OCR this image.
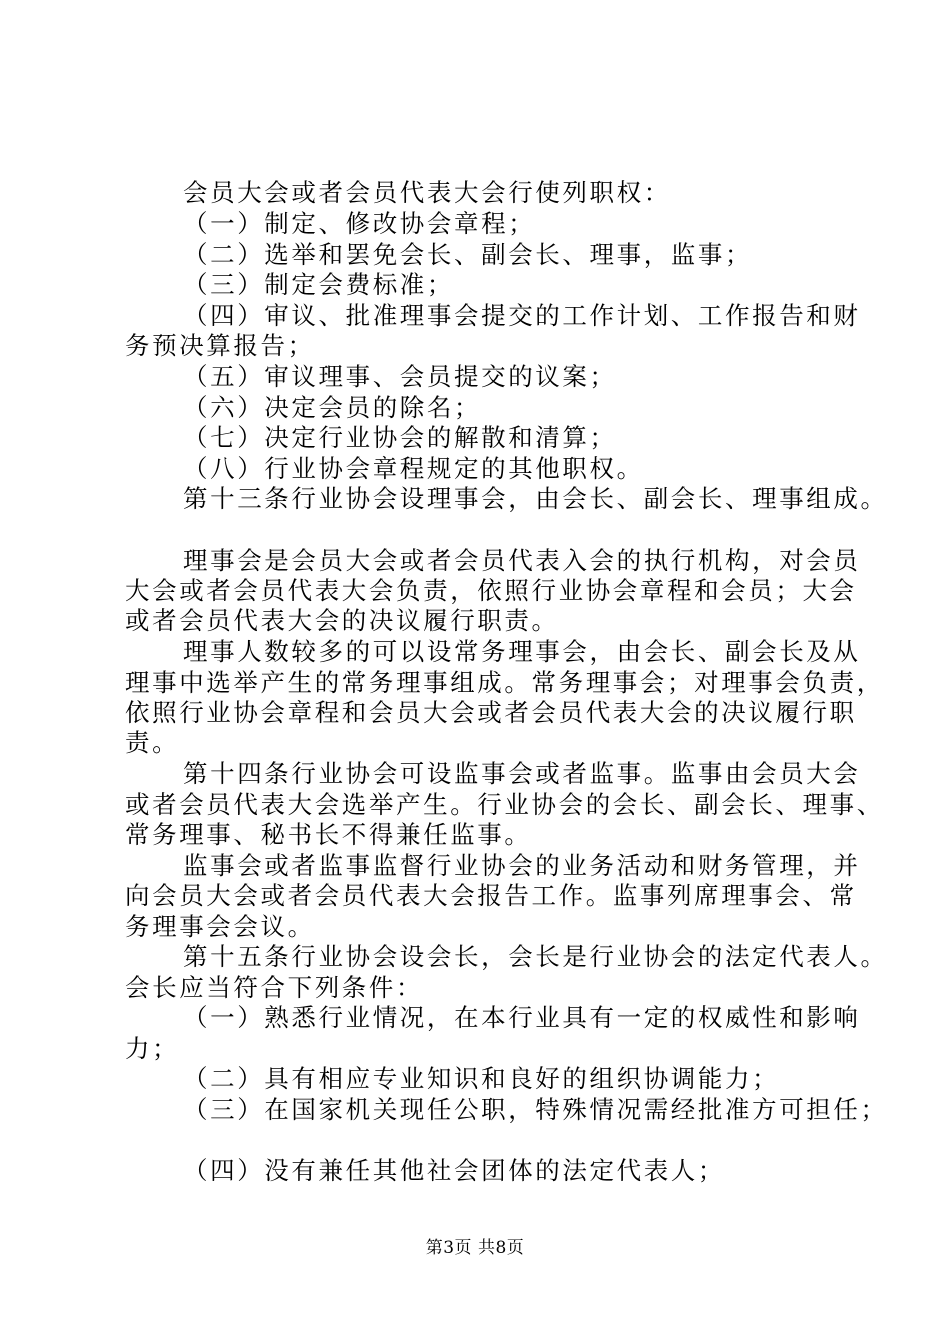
会员大会或者会员代表大会行使列职权：
（一）制定、修改协会章程；
（二）选举和罢免会长、副会长、理事，监事；
（三）制定会费标准；
（四）审议、批准理事会提交的工作计划、工作报告和财
务预决算报告；
（五）审议理事、会员提交的议案；
（六）决定会员的除名；
（七）决定行业协会的解散和清算；
（八）行业协会章程规定的其他职权。
第十三条行业协会设理事会，由会长、副会长、理事组成。
理事会是会员大会或者会员代表入会的执行机构，对会员
大会或者会员代表大会负责，依照行业协会章程和会员；大会
或者会员代表大会的决议履行职责。
理事人数较多的可以设常务理事会，由会长、副会长及从
理事中选举产生的常务理事组成。常务理事会；对理事会负责，
依照行业协会章程和会员大会或者会员代表大会的决议履行职
责。
第十四条行业协会可设监事会或者监事。监事由会员大会
或者会员代表大会选举产生。行业协会的会长、副会长、理事、
常务理事、秘书长不得兼任监事。
监事会或者监事监督行业协会的业务活动和财务管理，并
向会员大会或者会员代表大会报告工作。监事列席理事会、常
务理事会会议。
第十五条行业协会设会长，会长是行业协会的法定代表人。
会长应当符合下列条件：
（一）熟悉行业情况，在本行业具有一定的权威性和影响
力；
（二）具有相应专业知识和良好的组织协调能力；
（三）在国家机关现任公职，特殊情况需经批准方可担任；
（四）没有兼任其他社会团体的法定代表人；
第3页 共8页
